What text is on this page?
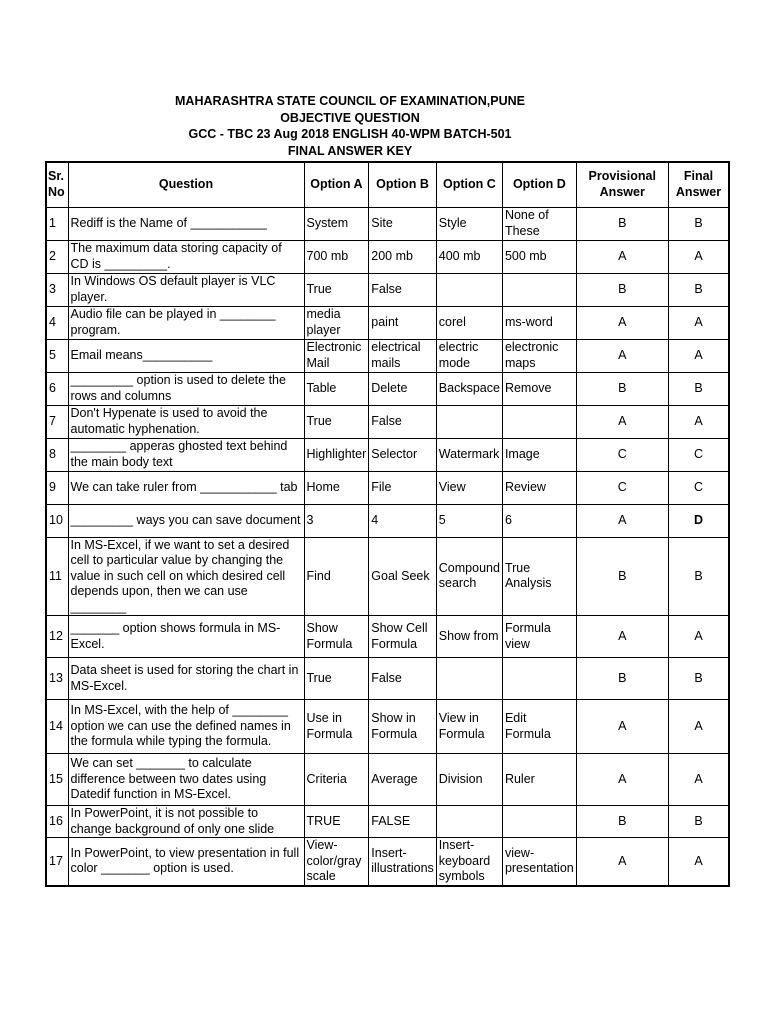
MAHARASHTRA STATE COUNCIL OF EXAMINATION,PUNE
OBJECTIVE QUESTION
GCC - TBC 23 Aug 2018 ENGLISH 40-WPM BATCH-501
FINAL ANSWER KEY
Sr. No	Question	Option A	Option B	Option C	Option D	Provisional Answer	Final Answer
1	Rediff is the Name of ___________	System	Site	Style	None of These	B	B
2	The maximum data storing capacity of CD is _________.	700 mb	200 mb	400 mb	500 mb	A	A
3	In Windows OS default player is VLC player.	True	False			B	B
4	Audio file can be played in ________ program.	media player	paint	corel	ms-word	A	A
5	Email means__________	Electronic Mail	electrical mails	electric mode	electronic maps	A	A
6	_________ option is used to delete the rows and columns	Table	Delete	Backspace	Remove	B	B
7	Don't Hypenate is used to avoid the automatic hyphenation.	True	False			A	A
8	________ apperas ghosted text behind the main body text	Highlighter	Selector	Watermark	Image	C	C
9	We can take ruler from ___________ tab	Home	File	View	Review	C	C
10	_________ ways you can save document	3	4	5	6	A	D
11	In MS-Excel, if we want to set a desired cell to particular value by changing the value in such cell on which desired cell depends upon, then we can use ________	Find	Goal Seek	Compound search	True Analysis	B	B
12	_______ option shows formula in MS-Excel.	Show Formula	Show Cell Formula	Show from	Formula view	A	A
13	Data sheet is used for storing the chart in MS-Excel.	True	False			B	B
14	In MS-Excel, with the help of ________ option we can use the defined names in the formula while typing the formula.	Use in Formula	Show in Formula	View in Formula	Edit Formula	A	A
15	We can set _______ to calculate difference between two dates using Datedif function in MS-Excel.	Criteria	Average	Division	Ruler	A	A
16	In PowerPoint, it is not possible to change background of only one slide	TRUE	FALSE			B	B
17	In PowerPoint, to view presentation in full color _______ option is used.	View-color/gray scale	Insert-illustrations	Insert-keyboard symbols	view-presentation	A	A
